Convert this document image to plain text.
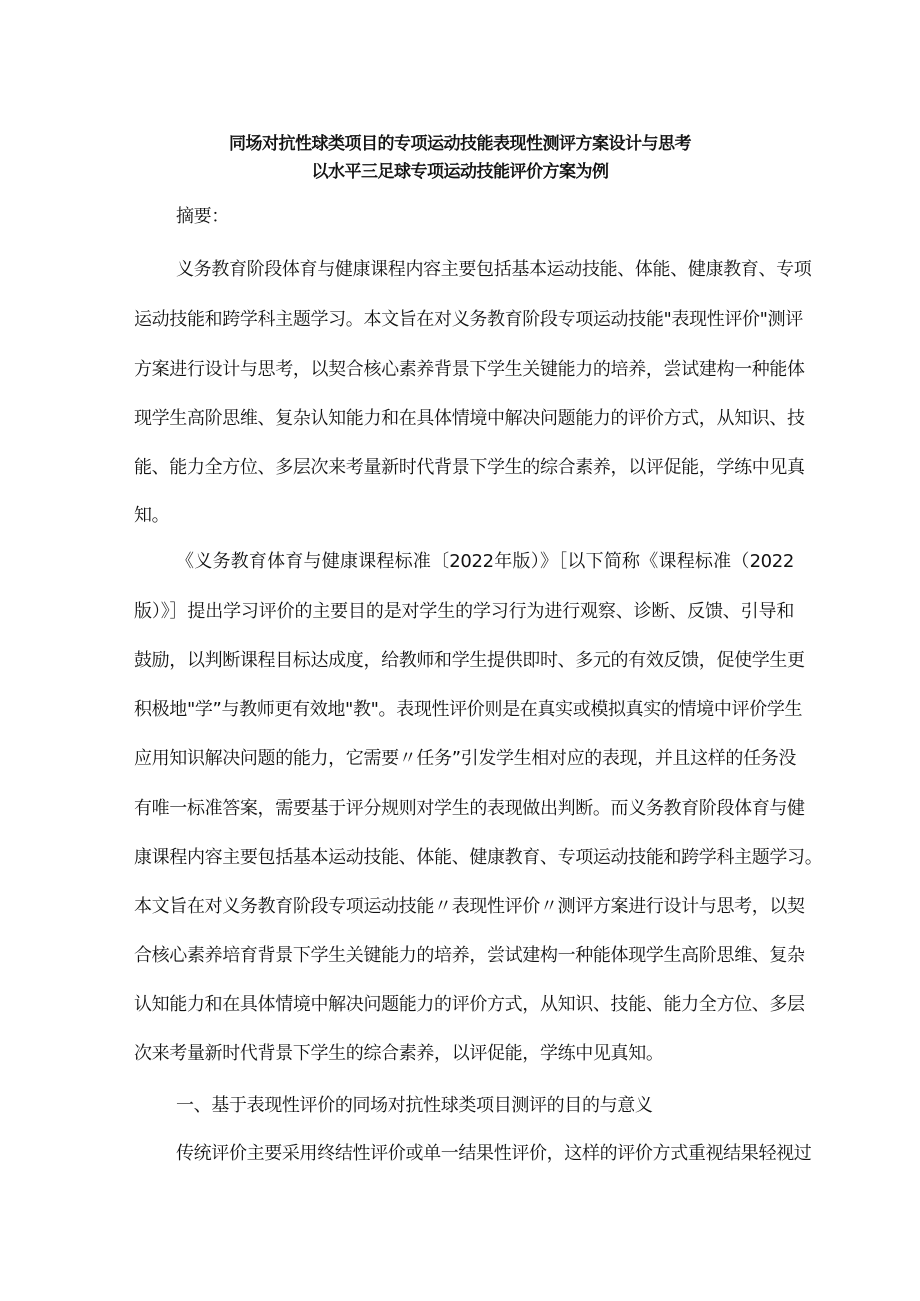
同场对抗性球类项目的专项运动技能表现性测评方案设计与思考
以水平三足球专项运动技能评价方案为例
摘要：
义务教育阶段体育与健康课程内容主要包括基本运动技能、体能、健康教育、专项
运动技能和跨学科主题学习。本文旨在对义务教育阶段专项运动技能"表现性评价"测评
方案进行设计与思考，以契合核心素养背景下学生关键能力的培养，尝试建构一种能体
现学生高阶思维、复杂认知能力和在具体情境中解决问题能力的评价方式，从知识、技
能、能力全方位、多层次来考量新时代背景下学生的综合素养，以评促能，学练中见真
知。
《义务教育体育与健康课程标准〔2022年版）》［以下简称《课程标准（2022
版）》］提出学习评价的主要目的是对学生的学习行为进行观察、诊断、反馈、引导和
鼓励，以判断课程目标达成度，给教师和学生提供即时、多元的有效反馈，促使学生更
积极地"学”与教师更有效地"教"。表现性评价则是在真实或模拟真实的情境中评价学生
应用知识解决问题的能力，它需要〃任务”引发学生相对应的表现，并且这样的任务没
有唯一标准答案，需要基于评分规则对学生的表现做出判断。而义务教育阶段体育与健
康课程内容主要包括基本运动技能、体能、健康教育、专项运动技能和跨学科主题学习。
本文旨在对义务教育阶段专项运动技能〃表现性评价〃测评方案进行设计与思考，以契
合核心素养培育背景下学生关键能力的培养，尝试建构一种能体现学生高阶思维、复杂
认知能力和在具体情境中解决问题能力的评价方式，从知识、技能、能力全方位、多层
次来考量新时代背景下学生的综合素养，以评促能，学练中见真知。
一、基于表现性评价的同场对抗性球类项目测评的目的与意义
传统评价主要采用终结性评价或单一结果性评价，这样的评价方式重视结果轻视过
